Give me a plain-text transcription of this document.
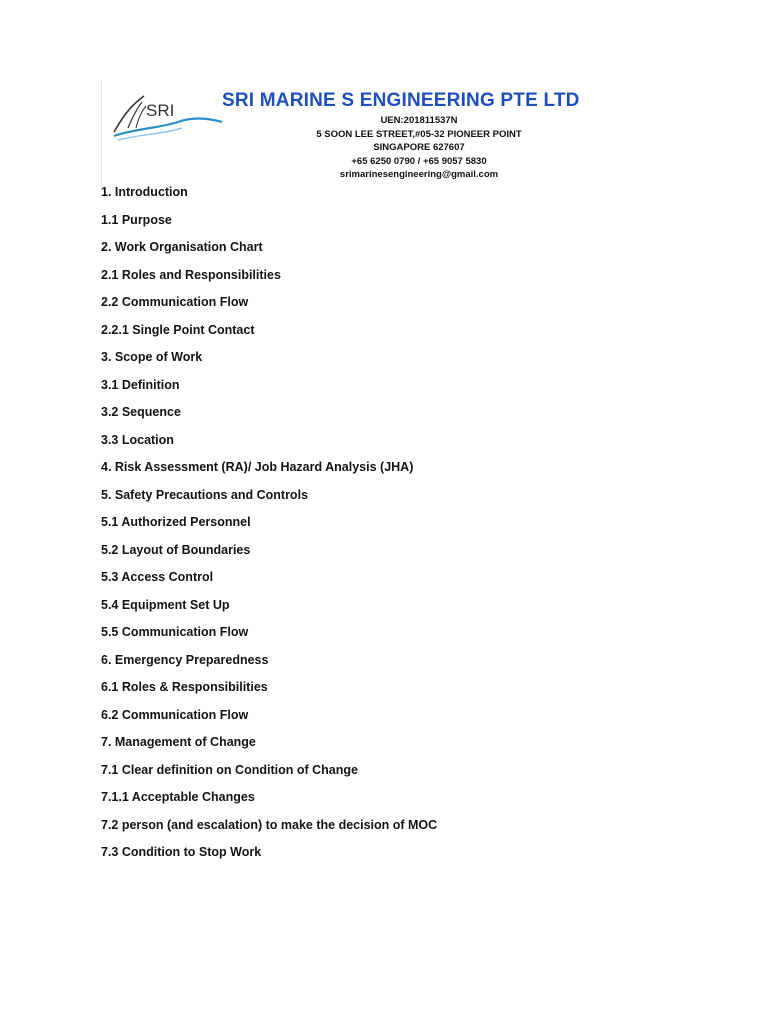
SRI	SRI MARINE S ENGINEERING PTE LTD
UEN:201811537N
5 SOON LEE STREET,#05-32 PIONEER POINT
SINGAPORE 627607
+65 6250 0790 / +65 9057 5830
srimarinesengineering@gmail.com
1. Introduction
1.1 Purpose
2. Work Organisation Chart
2.1 Roles and Responsibilities
2.2 Communication Flow
2.2.1 Single Point Contact
3. Scope of Work
3.1 Definition
3.2 Sequence
3.3 Location
4. Risk Assessment (RA)/ Job Hazard Analysis (JHA)
5. Safety Precautions and Controls
5.1 Authorized Personnel
5.2 Layout of Boundaries
5.3 Access Control
5.4 Equipment Set Up
5.5 Communication Flow
6. Emergency Preparedness
6.1 Roles & Responsibilities
6.2 Communication Flow
7. Management of Change
7.1 Clear definition on Condition of Change
7.1.1 Acceptable Changes
7.2 person (and escalation) to make the decision of MOC
7.3 Condition to Stop Work
